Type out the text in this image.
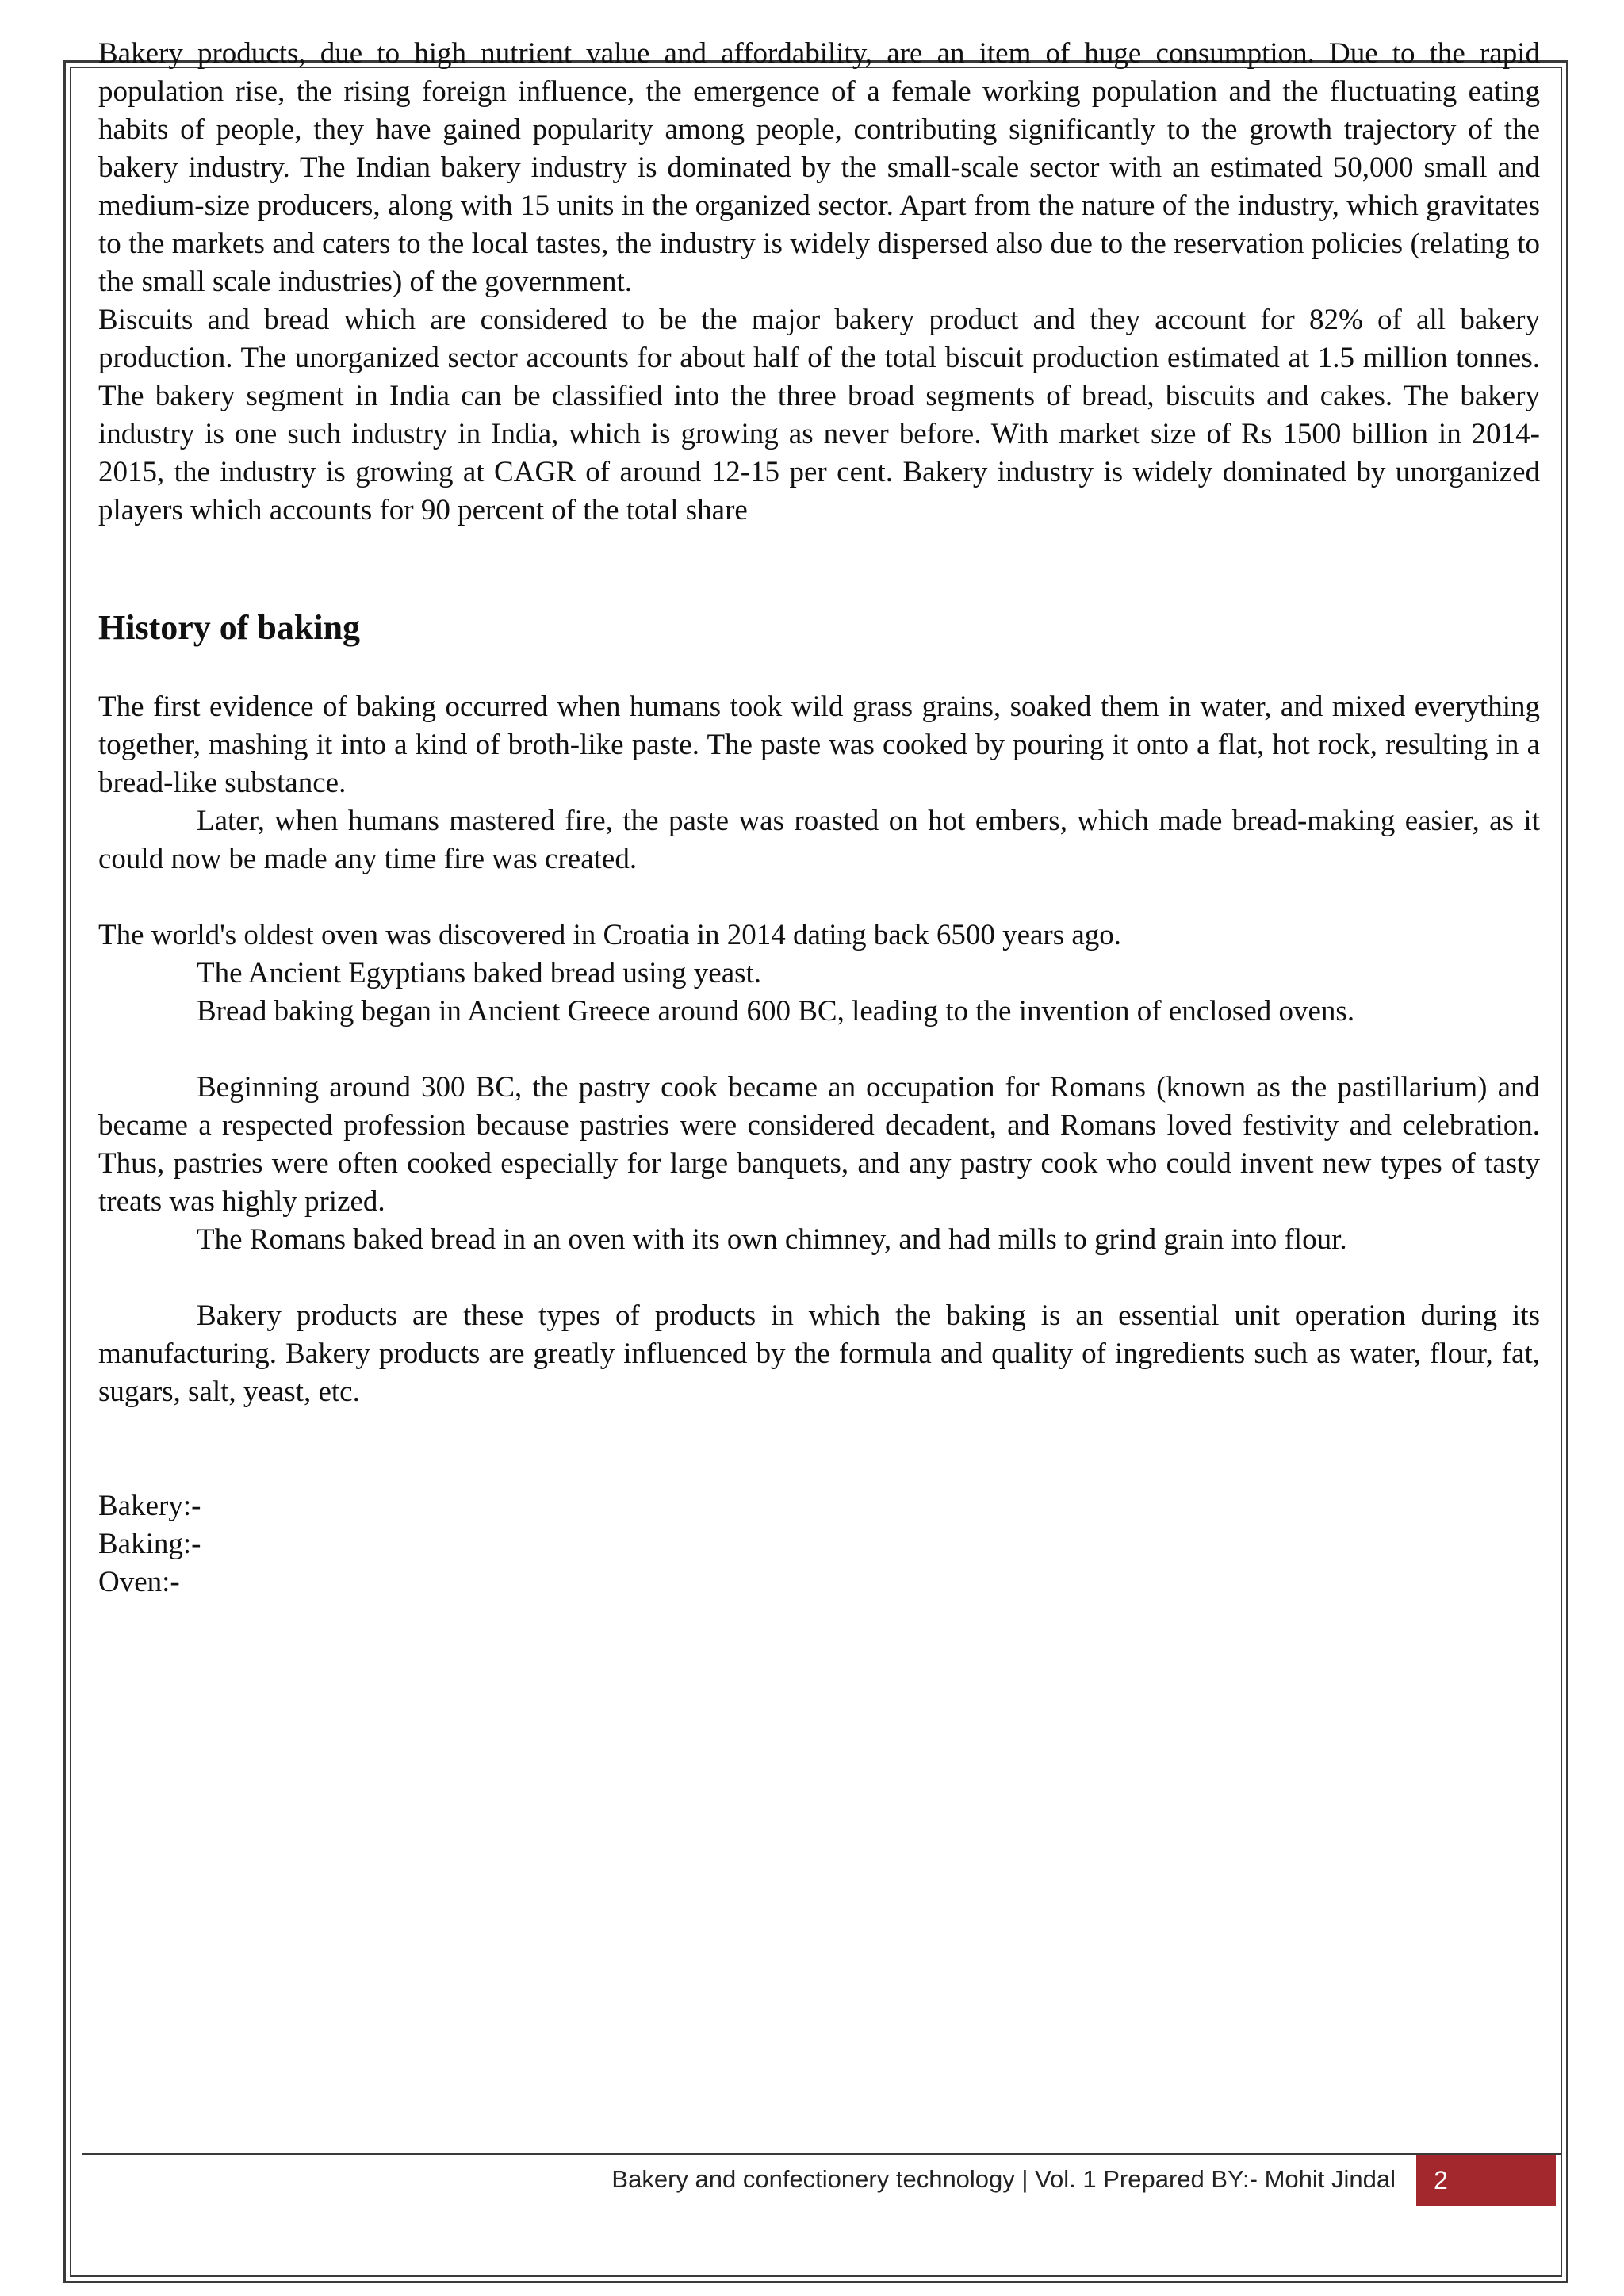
Bakery products, due to high nutrient value and affordability, are an item of huge consumption. Due to the rapid population rise, the rising foreign influence, the emergence of a female working population and the fluctuating eating habits of people, they have gained popularity among people, contributing significantly to the growth trajectory of the bakery industry. The Indian bakery industry is dominated by the small-scale sector with an estimated 50,000 small and medium-size producers, along with 15 units in the organized sector. Apart from the nature of the industry, which gravitates to the markets and caters to the local tastes, the industry is widely dispersed also due to the reservation policies (relating to the small scale industries) of the government.

Biscuits and bread which are considered to be the major bakery product and they account for 82% of all bakery production. The unorganized sector accounts for about half of the total biscuit production estimated at 1.5 million tonnes. The bakery segment in India can be classified into the three broad segments of bread, biscuits and cakes. The bakery industry is one such industry in India, which is growing as never before. With market size of Rs 1500 billion in 2014-2015, the industry is growing at CAGR of around 12-15 per cent. Bakery industry is widely dominated by unorganized players which accounts for 90 percent of the total share

History of baking

The first evidence of baking occurred when humans took wild grass grains, soaked them in water, and mixed everything together, mashing it into a kind of broth-like paste. The paste was cooked by pouring it onto a flat, hot rock, resulting in a bread-like substance.

Later, when humans mastered fire, the paste was roasted on hot embers, which made bread-making easier, as it could now be made any time fire was created.

The world's oldest oven was discovered in Croatia in 2014 dating back 6500 years ago.

The Ancient Egyptians baked bread using yeast.

Bread baking began in Ancient Greece around 600 BC, leading to the invention of enclosed ovens.

Beginning around 300 BC, the pastry cook became an occupation for Romans (known as the pastillarium) and became a respected profession because pastries were considered decadent, and Romans loved festivity and celebration. Thus, pastries were often cooked especially for large banquets, and any pastry cook who could invent new types of tasty treats was highly prized.

The Romans baked bread in an oven with its own chimney, and had mills to grind grain into flour.

Bakery products are these types of products in which the baking is an essential unit operation during its manufacturing. Bakery products are greatly influenced by the formula and quality of ingredients such as water, flour, fat, sugars, salt, yeast, etc.

Bakery:-

Baking:-

Oven:-

Bakery and confectionery technology | Vol. 1 Prepared BY:- Mohit Jindal	2
